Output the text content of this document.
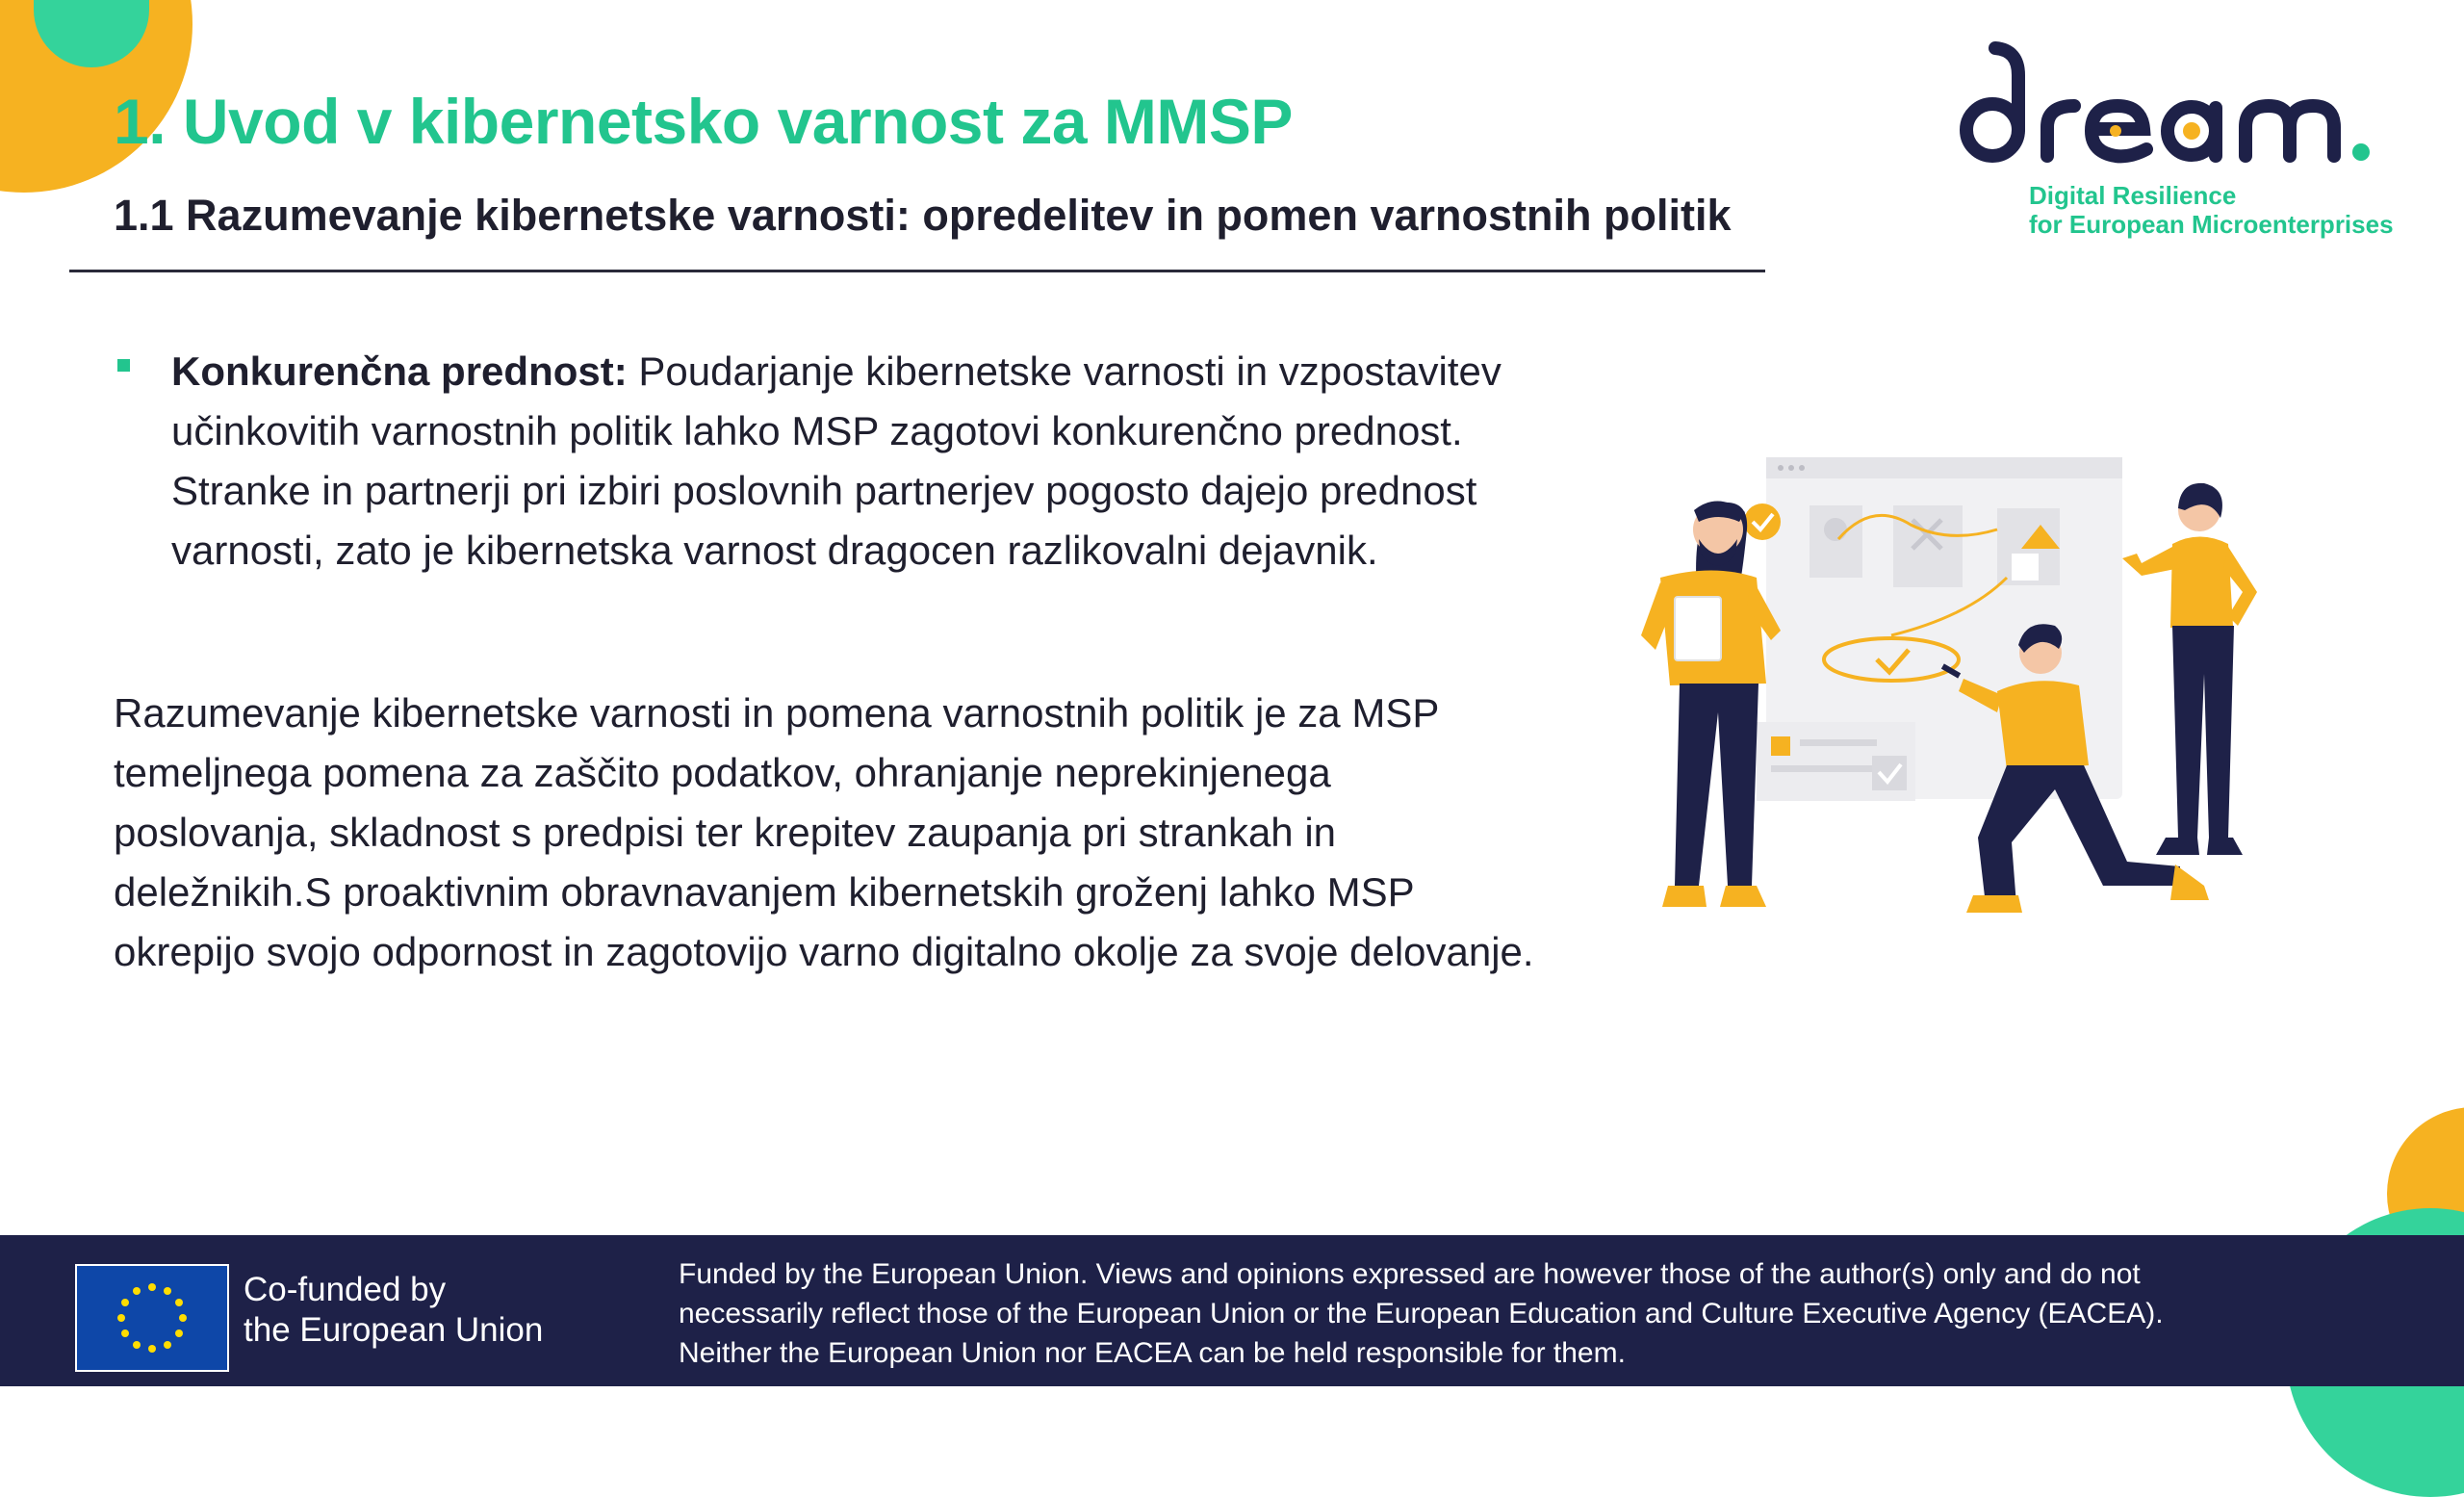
1. Uvod v kibernetsko varnost za MMSP
1.1 Razumevanje kibernetske varnosti: opredelitev in pomen varnostnih politik	Digital Resilience
for European Microenterprises

Konkurenčna prednost: Poudarjanje kibernetske varnosti in vzpostavitev učinkovitih varnostnih politik lahko MSP zagotovi konkurenčno prednost. Stranke in partnerji pri izbiri poslovnih partnerjev pogosto dajejo prednost varnosti, zato je kibernetska varnost dragocen razlikovalni dejavnik.

Razumevanje kibernetske varnosti in pomena varnostnih politik je za MSP temeljnega pomena za zaščito podatkov, ohranjanje neprekinjenega poslovanja, skladnost s predpisi ter krepitev zaupanja pri strankah in deležnikih.S proaktivnim obravnavanjem kibernetskih groženj lahko MSP okrepijo svojo odpornost in zagotovijo varno digitalno okolje za svoje delovanje.

Co-funded by
the European Union
Funded by the European Union. Views and opinions expressed are however those of the author(s) only and do not
necessarily reflect those of the European Union or the European Education and Culture Executive Agency (EACEA).
Neither the European Union nor EACEA can be held responsible for them.
